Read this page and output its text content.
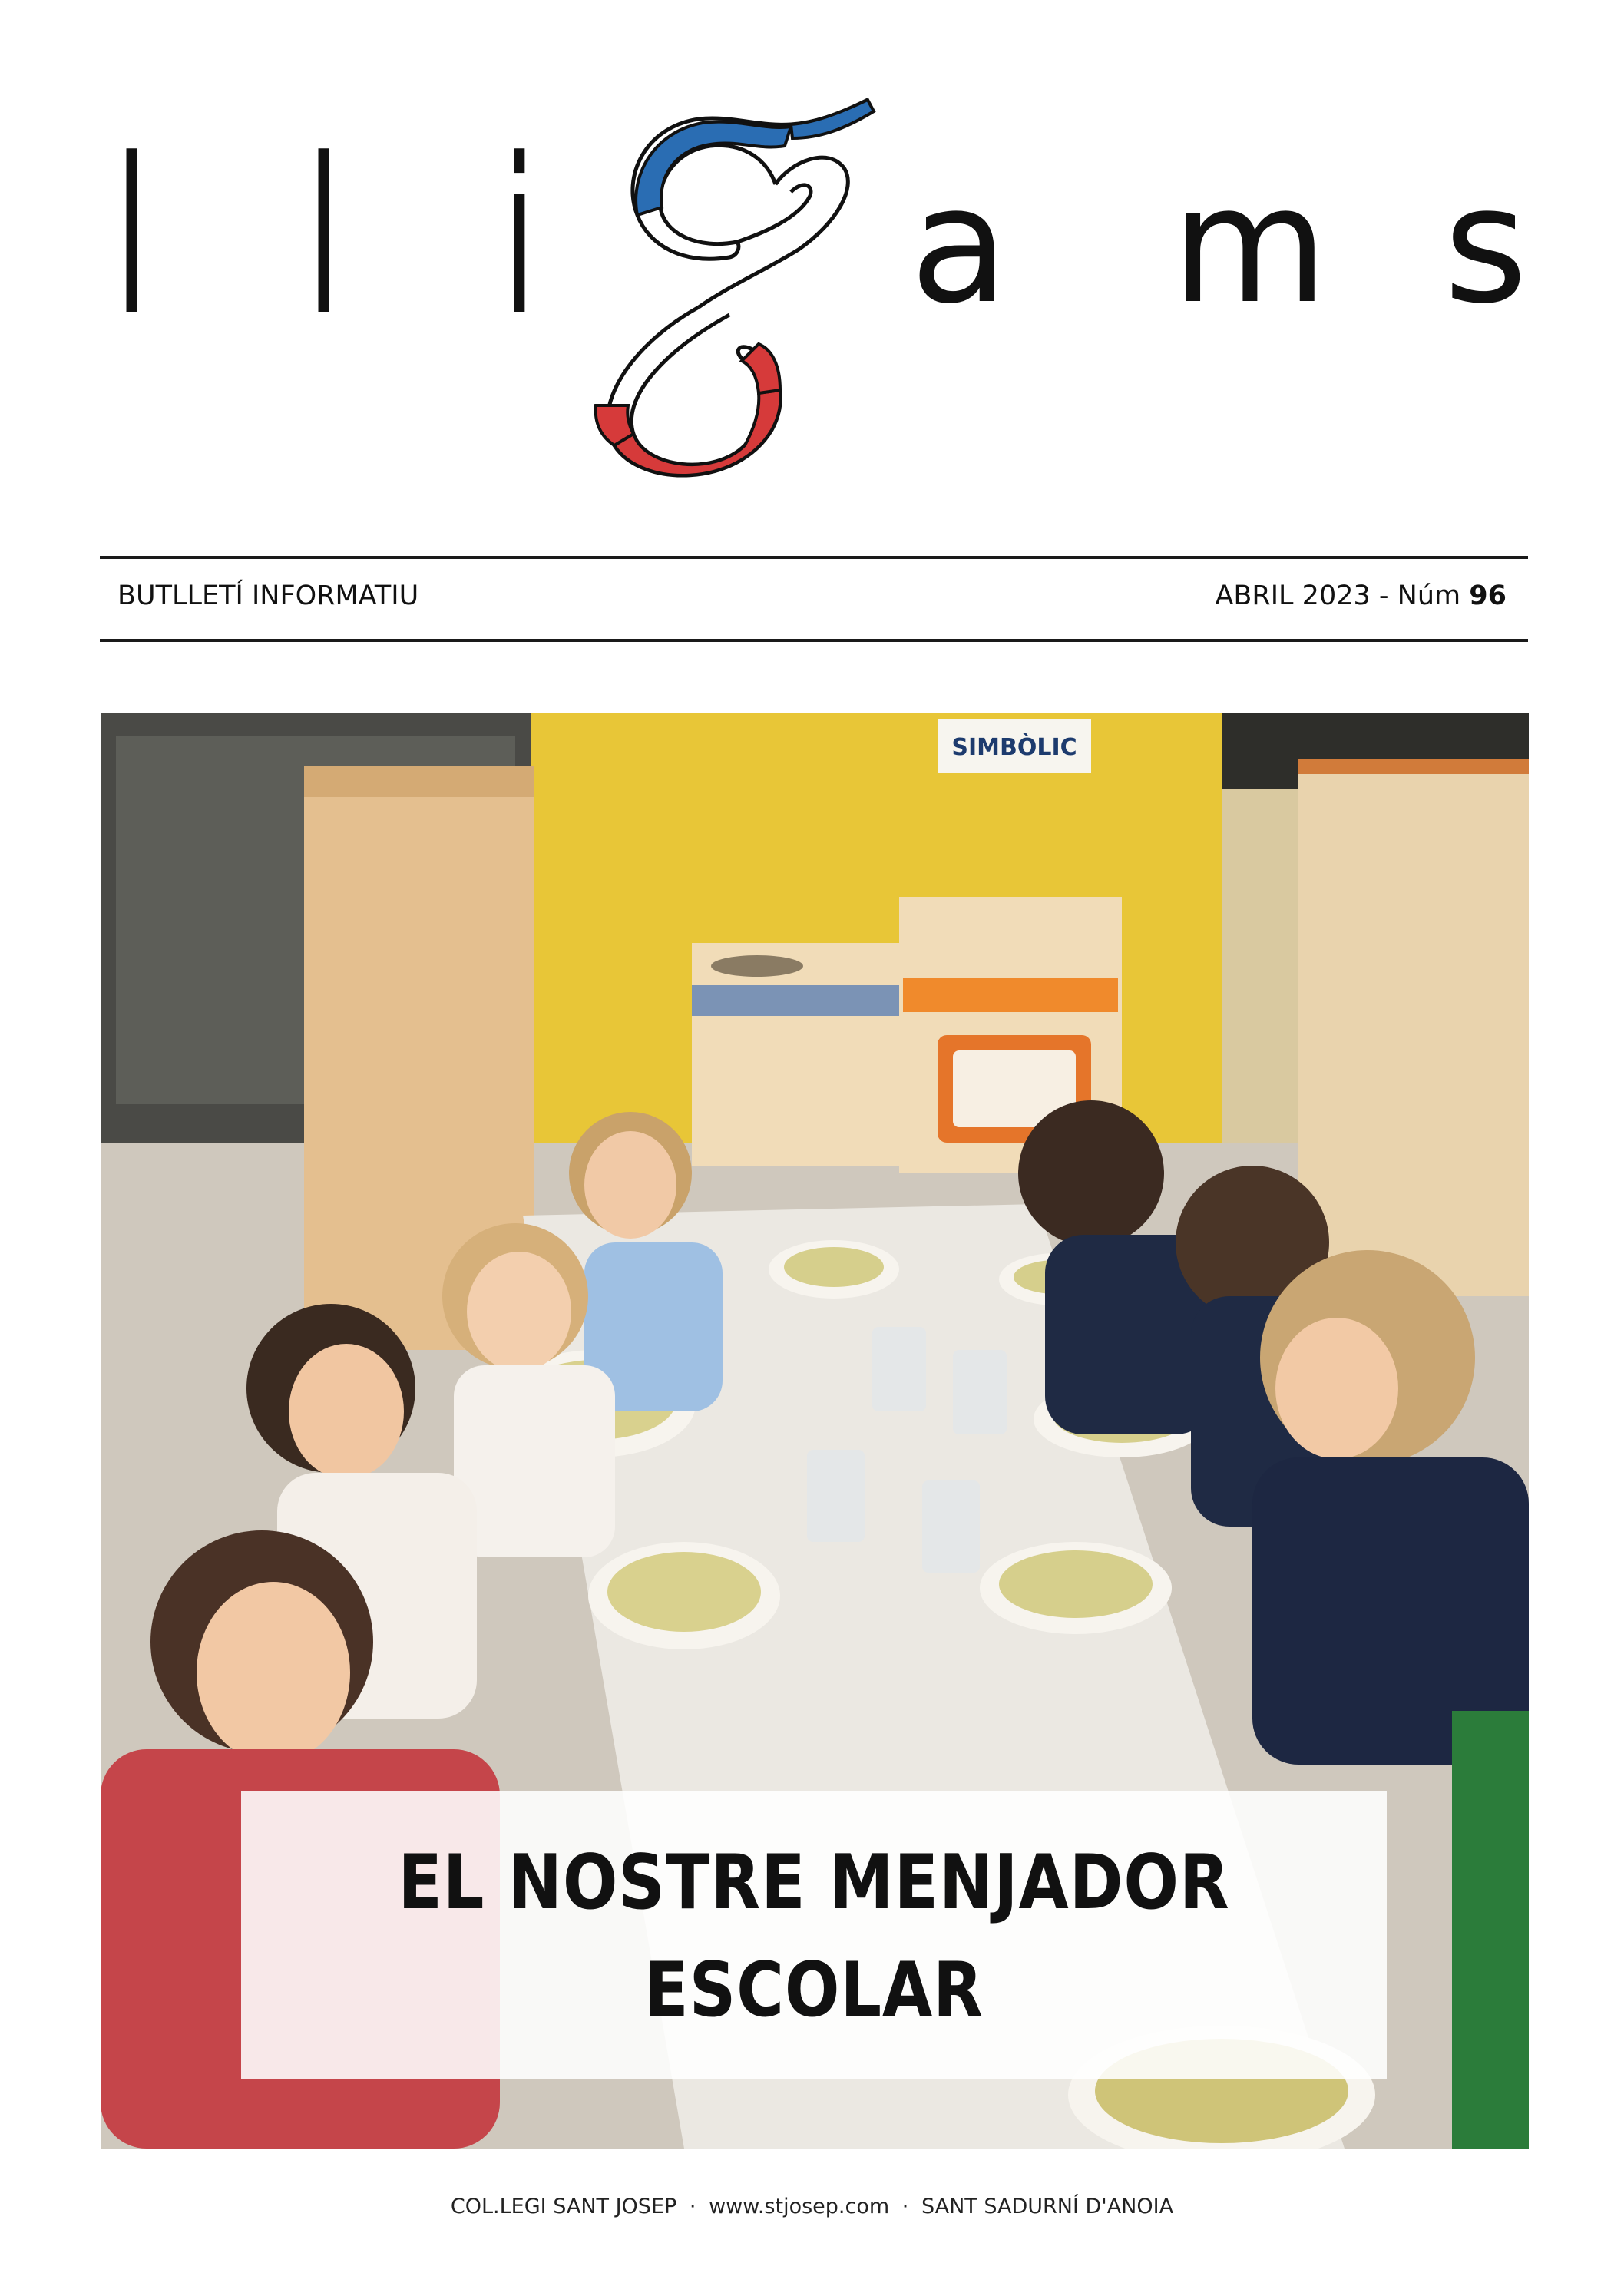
l l i a m s
BUTLLETÍ INFORMATIU	ABRIL 2023 - Núm 96
SIMBÒLIC
EL NOSTRE MENJADOR
ESCOLAR
COL.LEGI SANT JOSEP · www.stjosep.com · SANT SADURNÍ D'ANOIA
